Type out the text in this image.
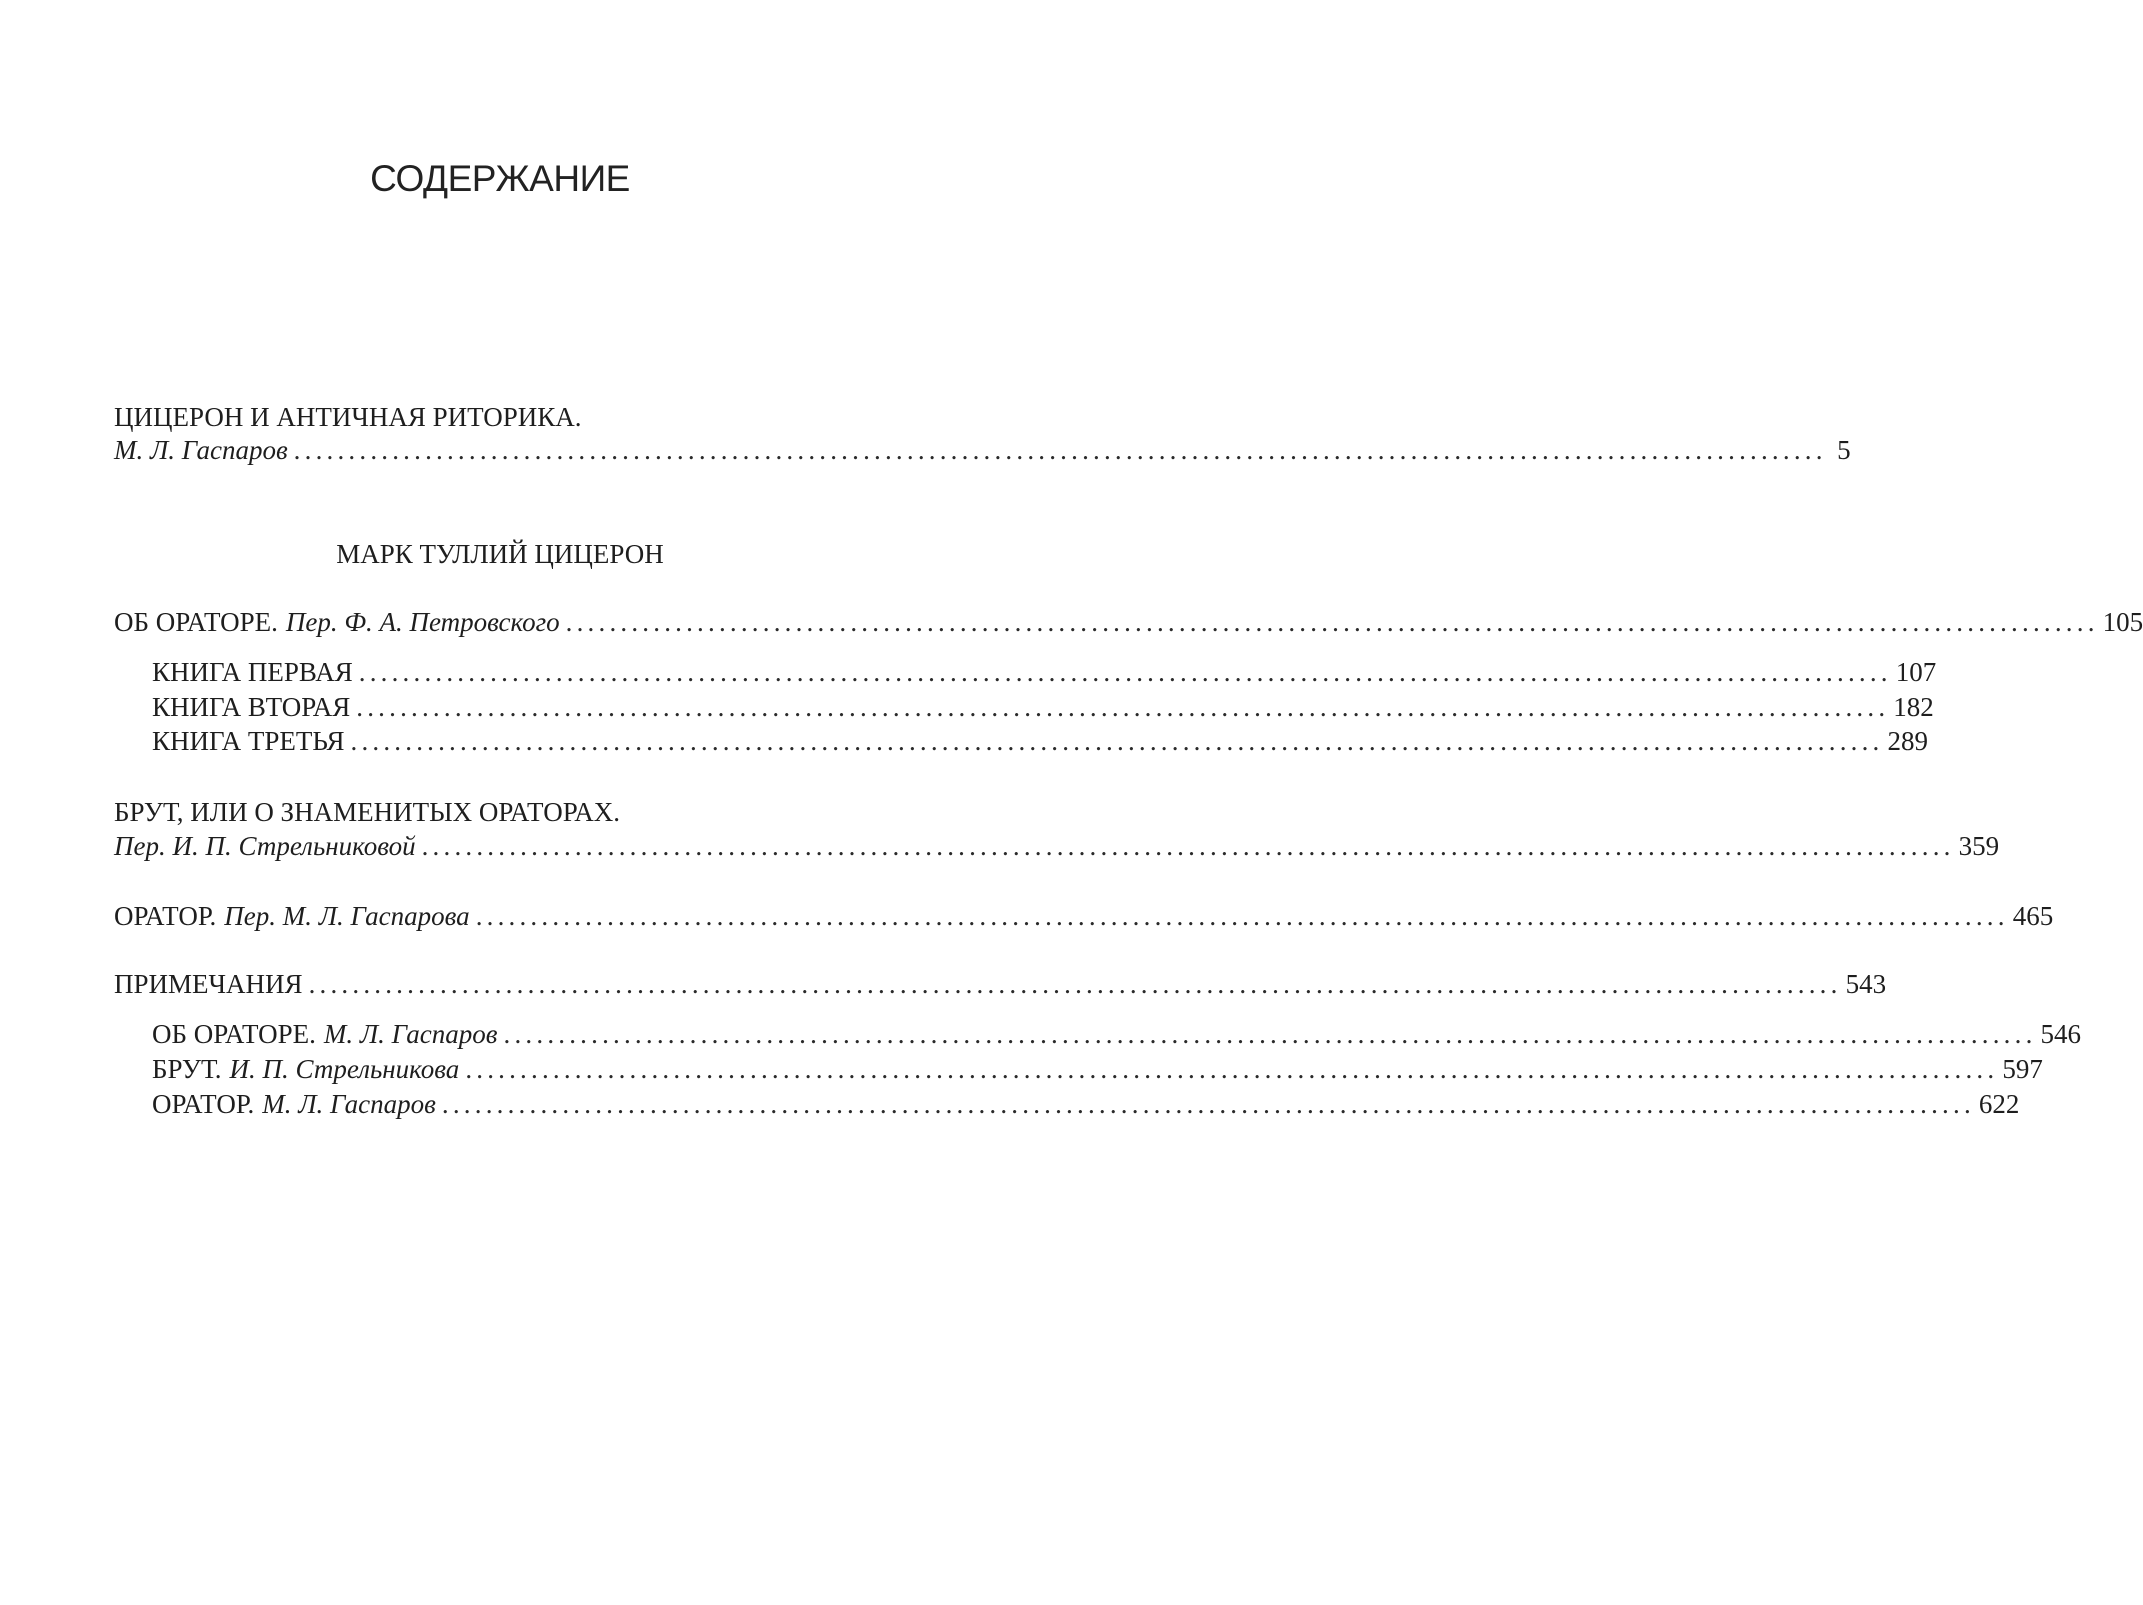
СОДЕРЖАНИЕ
ЦИЦЕРОН И АНТИЧНАЯ РИТОРИКА.
М. Л. Гаспаров ............................................................................................................................................ 5
МАРК ТУЛЛИЙ ЦИЦЕРОН
ОБ ОРАТОРЕ. Пер. Ф. А. Петровского ............................................................................................................................................ 105
КНИГА ПЕРВАЯ ............................................................................................................................................ 107
КНИГА ВТОРАЯ ............................................................................................................................................ 182
КНИГА ТРЕТЬЯ ............................................................................................................................................ 289
БРУТ, ИЛИ О ЗНАМЕНИТЫХ ОРАТОРАХ.
Пер. И. П. Стрельниковой ............................................................................................................................................ 359
ОРАТОР. Пер. М. Л. Гаспарова ............................................................................................................................................ 465
ПРИМЕЧАНИЯ ............................................................................................................................................ 543
ОБ ОРАТОРЕ. М. Л. Гаспаров ............................................................................................................................................ 546
БРУТ. И. П. Стрельникова ............................................................................................................................................ 597
ОРАТОР. М. Л. Гаспаров ............................................................................................................................................ 622
